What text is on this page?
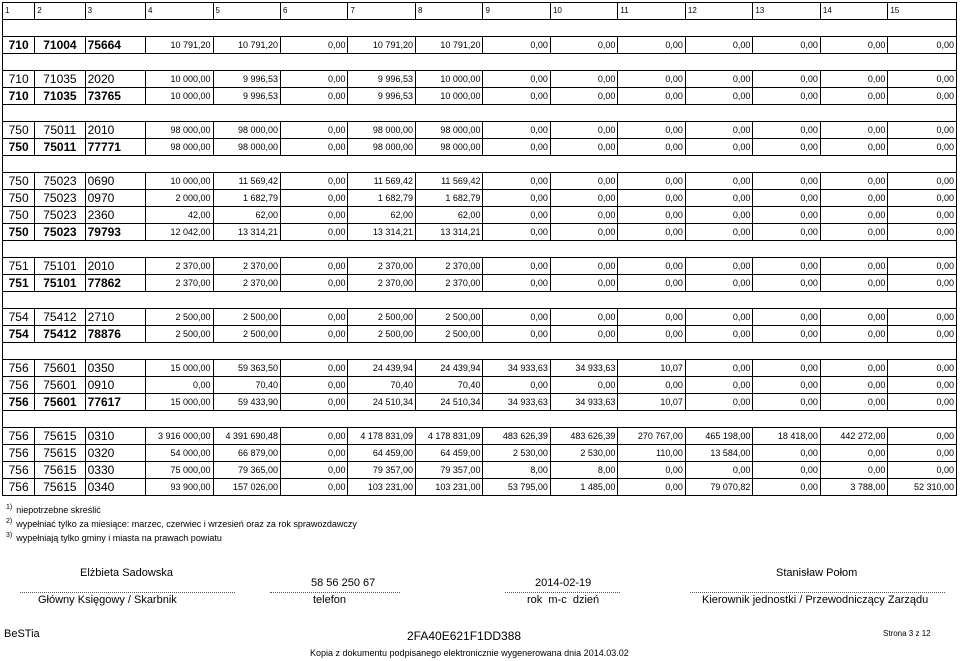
1	2	3	4	5	6	7	8	9	10	11	12	13	14	15

710	71004	75664	10 791,20	10 791,20	0,00	10 791,20	10 791,20	0,00	0,00	0,00	0,00	0,00	0,00	0,00

710	71035	2020	10 000,00	9 996,53	0,00	9 996,53	10 000,00	0,00	0,00	0,00	0,00	0,00	0,00	0,00
710	71035	73765	10 000,00	9 996,53	0,00	9 996,53	10 000,00	0,00	0,00	0,00	0,00	0,00	0,00	0,00

750	75011	2010	98 000,00	98 000,00	0,00	98 000,00	98 000,00	0,00	0,00	0,00	0,00	0,00	0,00	0,00
750	75011	77771	98 000,00	98 000,00	0,00	98 000,00	98 000,00	0,00	0,00	0,00	0,00	0,00	0,00	0,00

750	75023	0690	10 000,00	11 569,42	0,00	11 569,42	11 569,42	0,00	0,00	0,00	0,00	0,00	0,00	0,00
750	75023	0970	2 000,00	1 682,79	0,00	1 682,79	1 682,79	0,00	0,00	0,00	0,00	0,00	0,00	0,00
750	75023	2360	42,00	62,00	0,00	62,00	62,00	0,00	0,00	0,00	0,00	0,00	0,00	0,00
750	75023	79793	12 042,00	13 314,21	0,00	13 314,21	13 314,21	0,00	0,00	0,00	0,00	0,00	0,00	0,00

751	75101	2010	2 370,00	2 370,00	0,00	2 370,00	2 370,00	0,00	0,00	0,00	0,00	0,00	0,00	0,00
751	75101	77862	2 370,00	2 370,00	0,00	2 370,00	2 370,00	0,00	0,00	0,00	0,00	0,00	0,00	0,00

754	75412	2710	2 500,00	2 500,00	0,00	2 500,00	2 500,00	0,00	0,00	0,00	0,00	0,00	0,00	0,00
754	75412	78876	2 500,00	2 500,00	0,00	2 500,00	2 500,00	0,00	0,00	0,00	0,00	0,00	0,00	0,00

756	75601	0350	15 000,00	59 363,50	0,00	24 439,94	24 439,94	34 933,63	34 933,63	10,07	0,00	0,00	0,00	0,00
756	75601	0910	0,00	70,40	0,00	70,40	70,40	0,00	0,00	0,00	0,00	0,00	0,00	0,00
756	75601	77617	15 000,00	59 433,90	0,00	24 510,34	24 510,34	34 933,63	34 933,63	10,07	0,00	0,00	0,00	0,00

756	75615	0310	3 916 000,00	4 391 690,48	0,00	4 178 831,09	4 178 831,09	483 626,39	483 626,39	270 767,00	465 198,00	18 418,00	442 272,00	0,00
756	75615	0320	54 000,00	66 879,00	0,00	64 459,00	64 459,00	2 530,00	2 530,00	110,00	13 584,00	0,00	0,00	0,00
756	75615	0330	75 000,00	79 365,00	0,00	79 357,00	79 357,00	8,00	8,00	0,00	0,00	0,00	0,00	0,00
756	75615	0340	93 900,00	157 026,00	0,00	103 231,00	103 231,00	53 795,00	1 485,00	0,00	79 070,82	0,00	3 788,00	52 310,00
$^{1)}$ niepotrzebne skreślić
$^{2)}$ wypełniać tylko za miesiące: marzec, czerwiec i wrzesień oraz za rok sprawozdawczy
$^{3)}$ wypełniają tylko gminy i miasta na prawach powiatu
Elżbieta Sadowska
Główny Księgowy / Skarbnik
58 56 250 67
telefon
2014-02-19
rok  m-c  dzień
Stanisław Połom
Kierownik jednostki / Przewodniczący Zarządu
BeSTia	2FA40E621F1DD388	Strona 3 z 12
Kopia z dokumentu podpisanego elektronicznie wygenerowana dnia 2014.03.02
